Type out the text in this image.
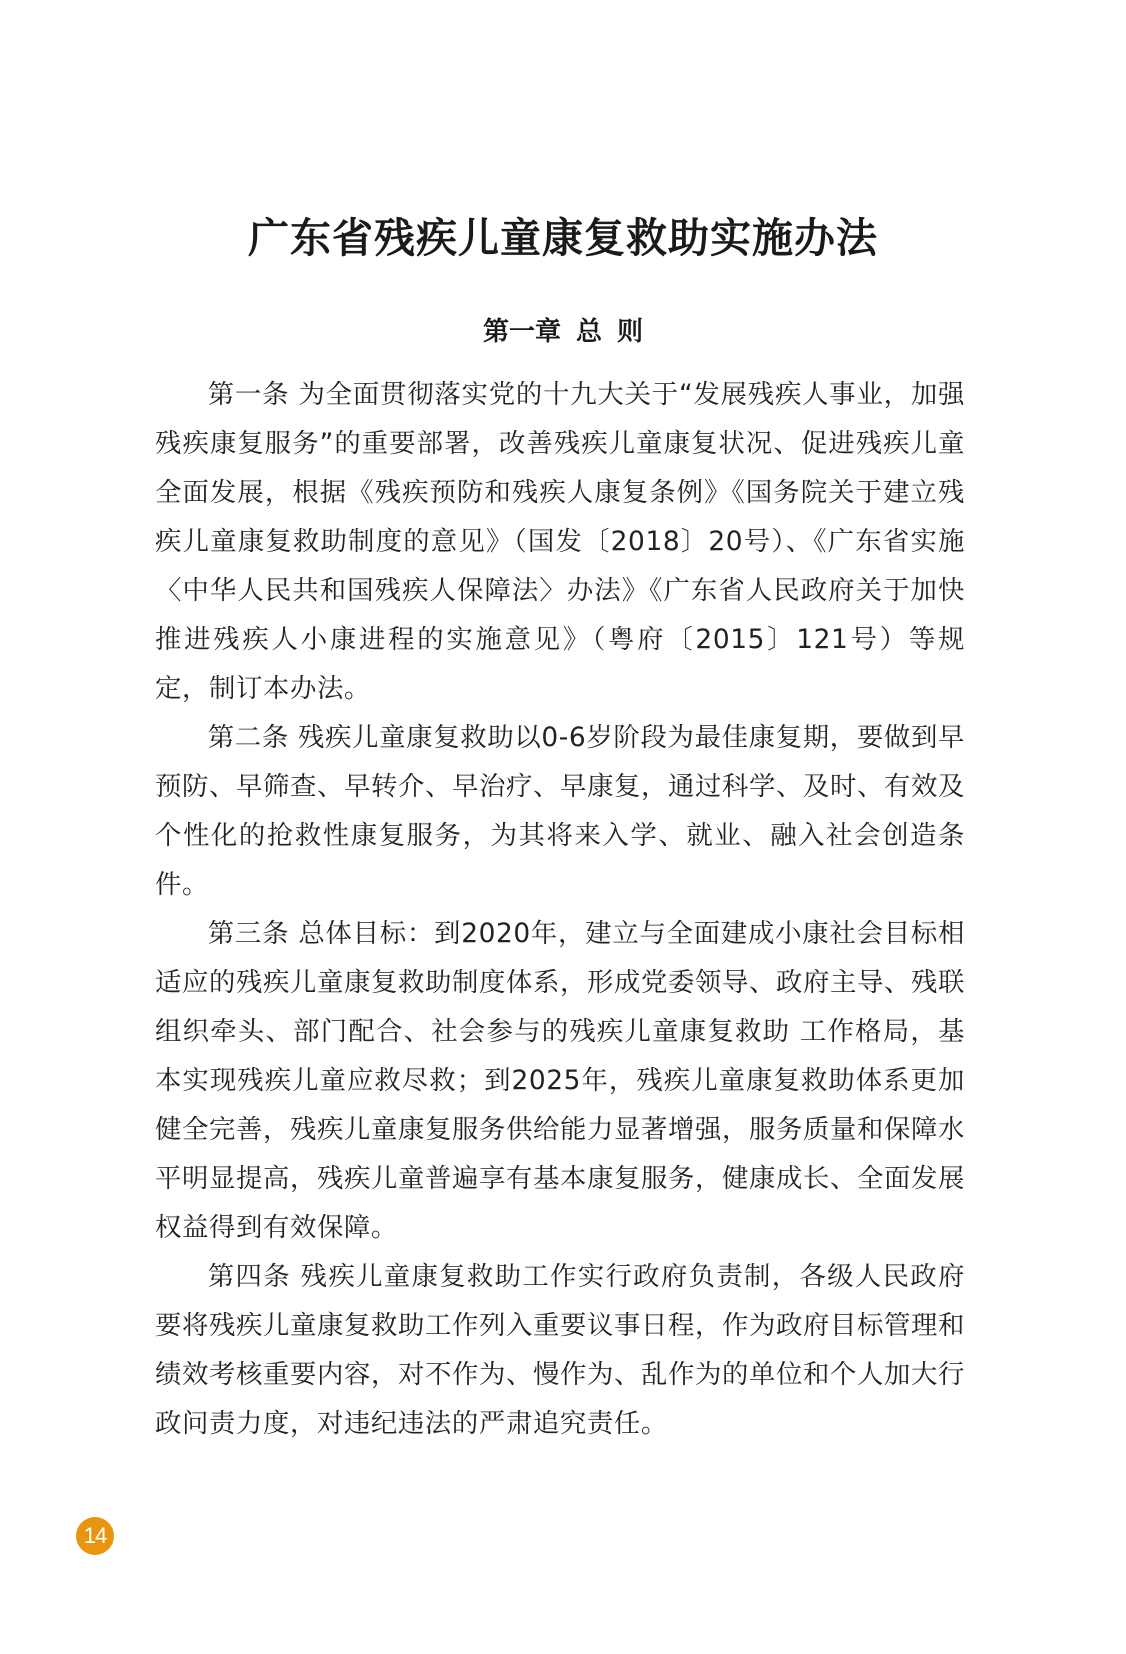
广东省残疾儿童康复救助实施办法
第一章 总 则

第一条 为全面贯彻落实党的十九大关于“发展残疾人事业，加强残疾康复服务”的重要部署，改善残疾儿童康复状况、促进残疾儿童全面发展，根据《残疾预防和残疾人康复条例》《国务院关于建立残疾儿童康复救助制度的意见》（国发〔2018〕20号）、《广东省实施〈中华人民共和国残疾人保障法〉办法》《广东省人民政府关于加快推进残疾人小康进程的实施意见》（粤府〔2015〕121号）等规定，制订本办法。

第二条 残疾儿童康复救助以0-6岁阶段为最佳康复期，要做到早预防、早筛查、早转介、早治疗、早康复，通过科学、及时、有效及个性化的抢救性康复服务，为其将来入学、就业、融入社会创造条件。

第三条 总体目标：到2020年，建立与全面建成小康社会目标相适应的残疾儿童康复救助制度体系，形成党委领导、政府主导、残联组织牵头、部门配合、社会参与的残疾儿童康复救助 工作格局，基本实现残疾儿童应救尽救；到2025年，残疾儿童康复救助体系更加健全完善，残疾儿童康复服务供给能力显著增强，服务质量和保障水平明显提高，残疾儿童普遍享有基本康复服务，健康成长、全面发展权益得到有效保障。

第四条 残疾儿童康复救助工作实行政府负责制，各级人民政府要将残疾儿童康复救助工作列入重要议事日程，作为政府目标管理和绩效考核重要内容，对不作为、慢作为、乱作为的单位和个人加大行政问责力度，对违纪违法的严肃追究责任。

14
